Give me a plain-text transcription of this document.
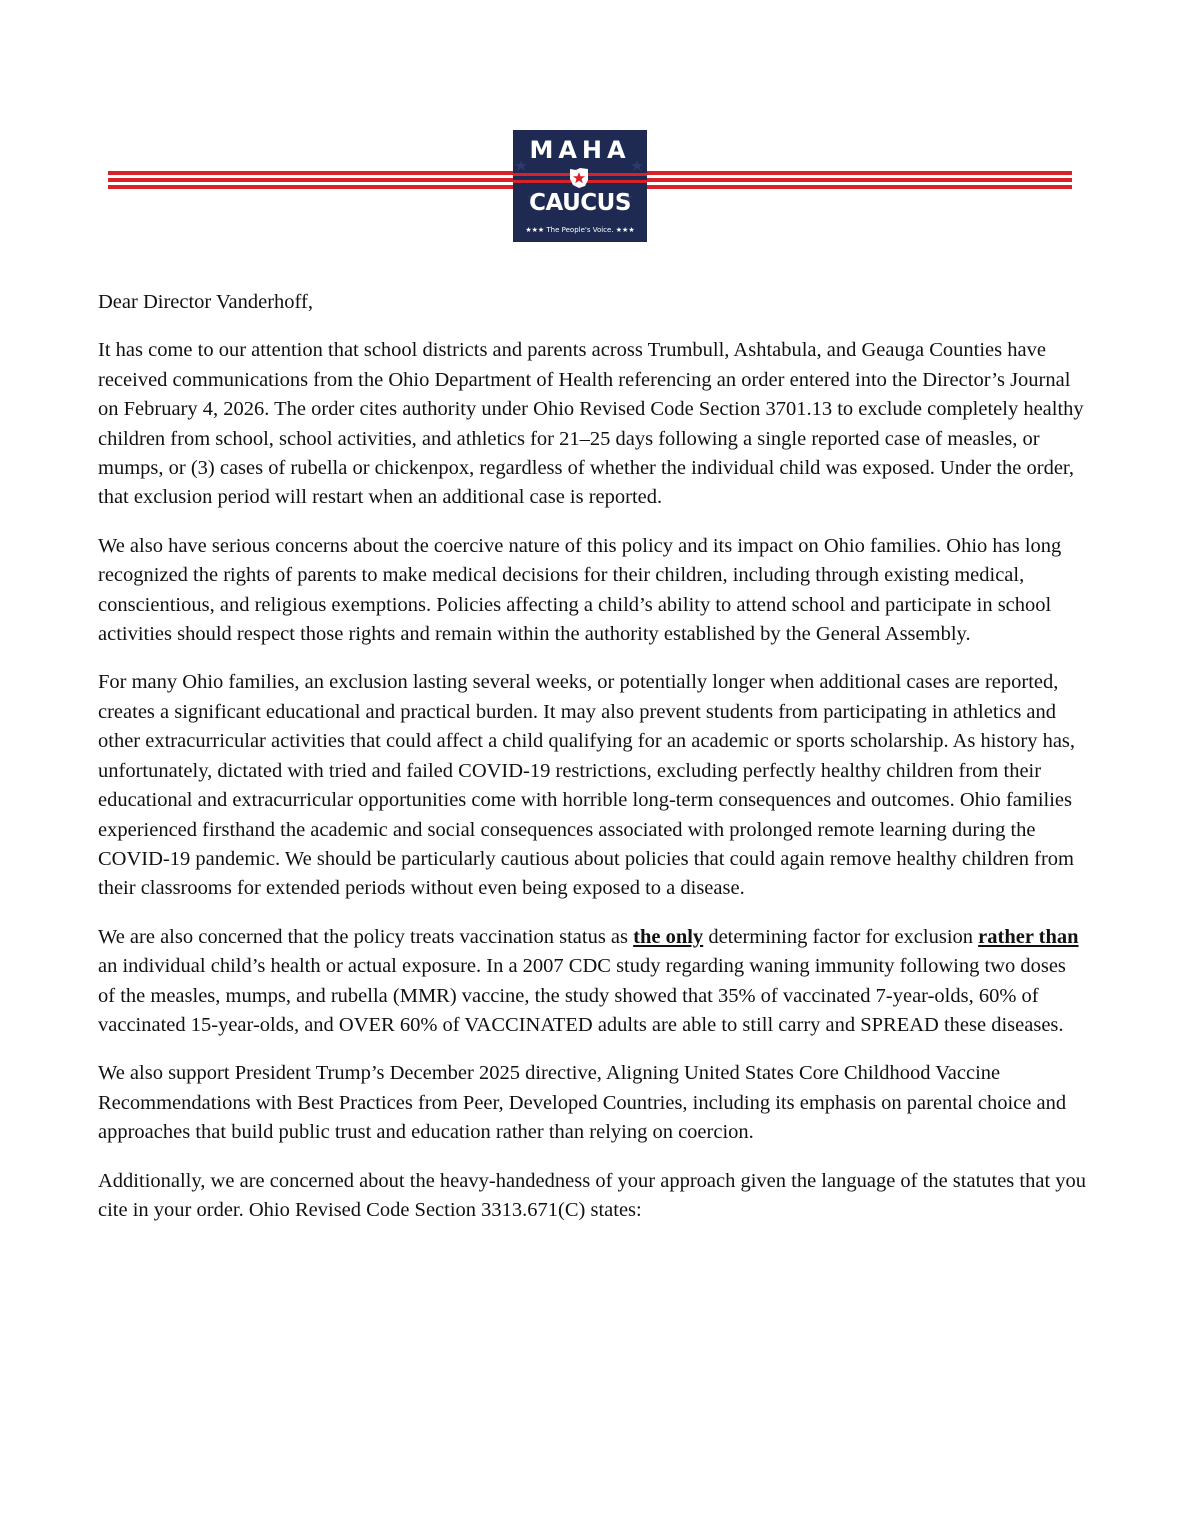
MAHA
CAUCUS
★★★ The People's Voice. ★★★

Dear Director Vanderhoff,

It has come to our attention that school districts and parents across Trumbull, Ashtabula, and Geauga Counties have received communications from the Ohio Department of Health referencing an order entered into the Director’s Journal on February 4, 2026. The order cites authority under Ohio Revised Code Section 3701.13 to exclude completely healthy children from school, school activities, and athletics for 21–25 days following a single reported case of measles, or mumps, or (3) cases of rubella or chickenpox, regardless of whether the individual child was exposed. Under the order, that exclusion period will restart when an additional case is reported.

We also have serious concerns about the coercive nature of this policy and its impact on Ohio families. Ohio has long recognized the rights of parents to make medical decisions for their children, including through existing medical, conscientious, and religious exemptions. Policies affecting a child’s ability to attend school and participate in school activities should respect those rights and remain within the authority established by the General Assembly.

For many Ohio families, an exclusion lasting several weeks, or potentially longer when additional cases are reported, creates a significant educational and practical burden. It may also prevent students from participating in athletics and other extracurricular activities that could affect a child qualifying for an academic or sports scholarship. As history has, unfortunately, dictated with tried and failed COVID-19 restrictions, excluding perfectly healthy children from their educational and extracurricular opportunities come with horrible long-term consequences and outcomes. Ohio families experienced firsthand the academic and social consequences associated with prolonged remote learning during the COVID-19 pandemic. We should be particularly cautious about policies that could again remove healthy children from their classrooms for extended periods without even being exposed to a disease.

We are also concerned that the policy treats vaccination status as the only determining factor for exclusion rather than an individual child’s health or actual exposure. In a 2007 CDC study regarding waning immunity following two doses of the measles, mumps, and rubella (MMR) vaccine, the study showed that 35% of vaccinated 7-year-olds, 60% of vaccinated 15-year-olds, and OVER 60% of VACCINATED adults are able to still carry and SPREAD these diseases.

We also support President Trump’s December 2025 directive, Aligning United States Core Childhood Vaccine Recommendations with Best Practices from Peer, Developed Countries, including its emphasis on parental choice and approaches that build public trust and education rather than relying on coercion.

Additionally, we are concerned about the heavy-handedness of your approach given the language of the statutes that you cite in your order. Ohio Revised Code Section 3313.671(C) states:
